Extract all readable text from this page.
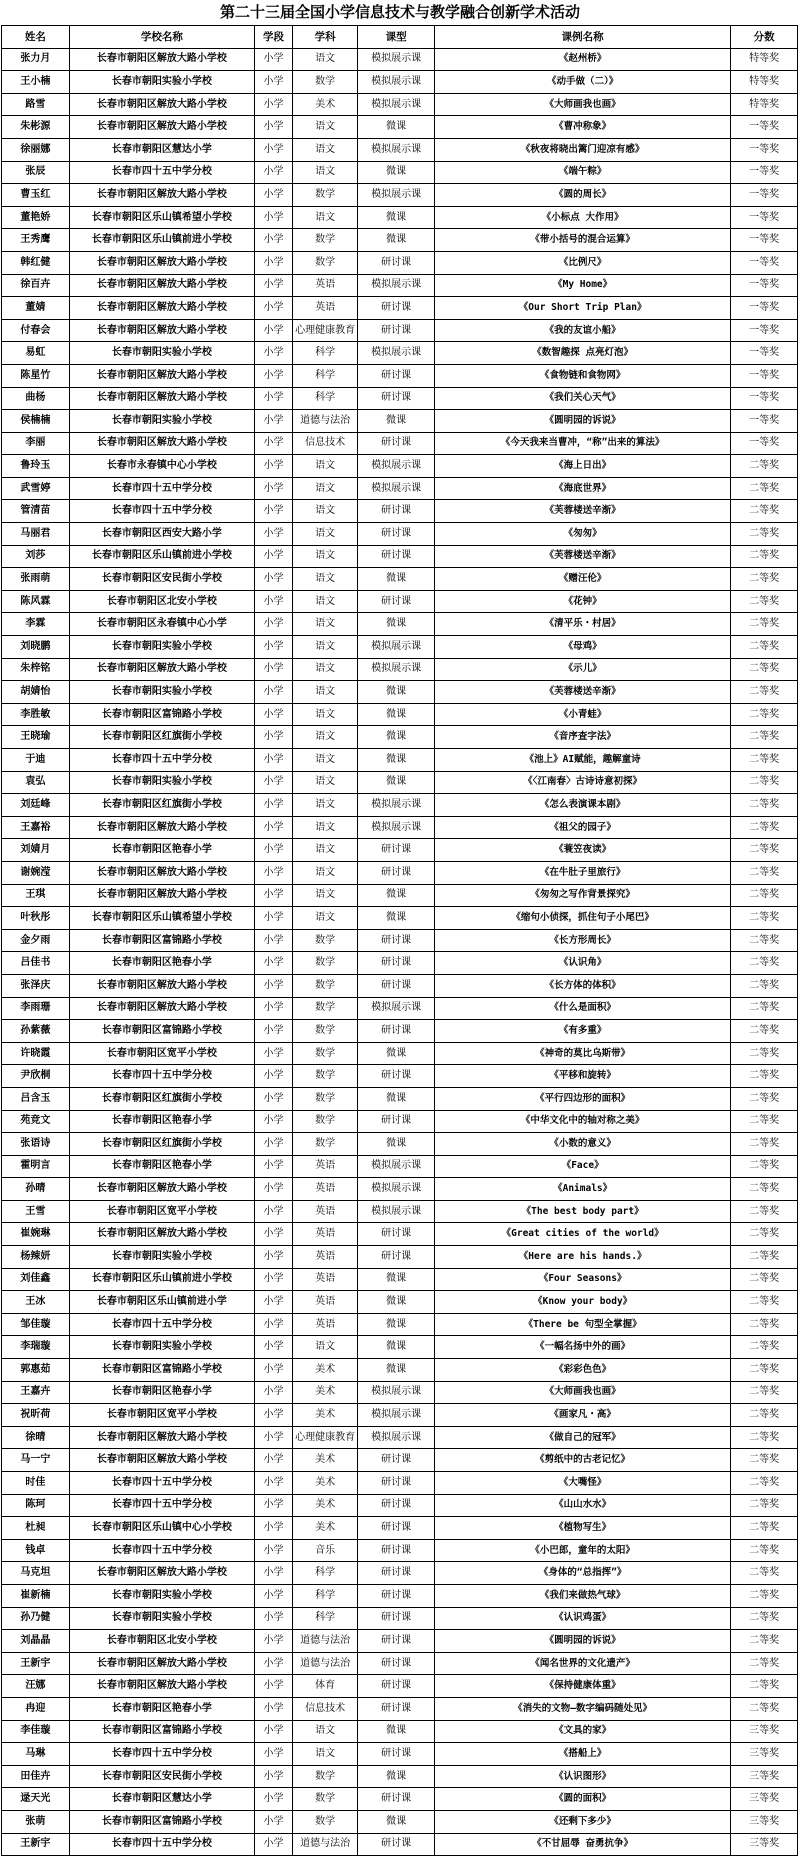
第二十三届全国小学信息技术与教学融合创新学术活动
姓名	学校名称	学段	学科	课型	课例名称	分数
张力月	长春市朝阳区解放大路小学校	小学	语文	模拟展示课	《赵州桥》	特等奖
王小楠	长春市朝阳实验小学校	小学	数学	模拟展示课	《动手做（二）》	特等奖
路雪	长春市朝阳区解放大路小学校	小学	美术	模拟展示课	《大师画我也画》	特等奖
朱彬源	长春市朝阳区解放大路小学校	小学	语文	微课	《曹冲称象》	一等奖
徐丽娜	长春市朝阳区慧达小学	小学	语文	模拟展示课	《秋夜将晓出篱门迎凉有感》	一等奖
张辰	长春市四十五中学分校	小学	语文	微课	《端午粽》	一等奖
曹玉红	长春市朝阳区解放大路小学校	小学	数学	模拟展示课	《圆的周长》	一等奖
董艳娇	长春市朝阳区乐山镇希望小学校	小学	语文	微课	《小标点 大作用》	一等奖
王秀鹰	长春市朝阳区乐山镇前进小学校	小学	数学	微课	《带小括号的混合运算》	一等奖
韩红健	长春市朝阳区解放大路小学校	小学	数学	研讨课	《比例尺》	一等奖
徐百卉	长春市朝阳区解放大路小学校	小学	英语	模拟展示课	《My Home》	一等奖
董婧	长春市朝阳区解放大路小学校	小学	英语	研讨课	《Our Short Trip Plan》	一等奖
付春会	长春市朝阳区解放大路小学校	小学	心理健康教育	研讨课	《我的友谊小船》	一等奖
易虹	长春市朝阳实验小学校	小学	科学	模拟展示课	《数智趣探 点亮灯泡》	一等奖
陈星竹	长春市朝阳区解放大路小学校	小学	科学	研讨课	《食物链和食物网》	一等奖
曲杨	长春市朝阳区解放大路小学校	小学	科学	研讨课	《我们关心天气》	一等奖
侯楠楠	长春市朝阳实验小学校	小学	道德与法治	微课	《圆明园的诉说》	一等奖
李丽	长春市朝阳区解放大路小学校	小学	信息技术	研讨课	《今天我来当曹冲，“称”出来的算法》	一等奖
鲁玲玉	长春市永春镇中心小学校	小学	语文	模拟展示课	《海上日出》	二等奖
武雪婷	长春市四十五中学分校	小学	语文	模拟展示课	《海底世界》	二等奖
管清苗	长春市四十五中学分校	小学	语文	研讨课	《芙蓉楼送辛渐》	二等奖
马丽君	长春市朝阳区西安大路小学	小学	语文	研讨课	《匆匆》	二等奖
刘莎	长春市朝阳区乐山镇前进小学校	小学	语文	研讨课	《芙蓉楼送辛渐》	二等奖
张雨萌	长春市朝阳区安民街小学校	小学	语文	微课	《赠汪伦》	二等奖
陈风霖	长春市朝阳区北安小学校	小学	语文	研讨课	《花钟》	二等奖
李霖	长春市朝阳区永春镇中心小学	小学	语文	微课	《清平乐・村居》	二等奖
刘晓鹏	长春市朝阳实验小学校	小学	语文	模拟展示课	《母鸡》	二等奖
朱梓铭	长春市朝阳区解放大路小学校	小学	语文	模拟展示课	《示儿》	二等奖
胡婧怡	长春市朝阳实验小学校	小学	语文	微课	《芙蓉楼送辛渐》	二等奖
李胜敏	长春市朝阳区富锦路小学校	小学	语文	微课	《小青蛙》	二等奖
王晓瑜	长春市朝阳区红旗街小学校	小学	语文	微课	《音序查字法》	二等奖
于迪	长春市四十五中学分校	小学	语文	微课	《池上》AI赋能，趣解童诗	二等奖
袁弘	长春市朝阳实验小学校	小学	语文	微课	《〈江南春〉古诗诗意初探》	二等奖
刘廷峰	长春市朝阳区红旗街小学校	小学	语文	模拟展示课	《怎么表演课本剧》	二等奖
王嘉裕	长春市朝阳区解放大路小学校	小学	语文	模拟展示课	《祖父的园子》	二等奖
刘婧月	长春市朝阳区艳春小学	小学	语文	研讨课	《蓑笠夜读》	二等奖
谢婉滢	长春市朝阳区解放大路小学校	小学	语文	研讨课	《在牛肚子里旅行》	二等奖
王琪	长春市朝阳区解放大路小学校	小学	语文	微课	《匆匆之写作背景探究》	二等奖
叶秋彤	长春市朝阳区乐山镇希望小学校	小学	语文	微课	《缩句小侦探，抓住句子小尾巴》	二等奖
金夕雨	长春市朝阳区富锦路小学校	小学	数学	研讨课	《长方形周长》	二等奖
吕佳书	长春市朝阳区艳春小学	小学	数学	研讨课	《认识角》	二等奖
张泽庆	长春市朝阳区解放大路小学校	小学	数学	研讨课	《长方体的体积》	二等奖
李雨珊	长春市朝阳区解放大路小学校	小学	数学	模拟展示课	《什么是面积》	二等奖
孙紫薇	长春市朝阳区富锦路小学校	小学	数学	研讨课	《有多重》	二等奖
许晓霞	长春市朝阳区宽平小学校	小学	数学	微课	《神奇的莫比乌斯带》	二等奖
尹欣桐	长春市四十五中学分校	小学	数学	研讨课	《平移和旋转》	二等奖
吕含玉	长春市朝阳区红旗街小学校	小学	数学	微课	《平行四边形的面积》	二等奖
苑竞文	长春市朝阳区艳春小学	小学	数学	研讨课	《中华文化中的轴对称之美》	二等奖
张语诗	长春市朝阳区红旗街小学校	小学	数学	微课	《小数的意义》	二等奖
霍明言	长春市朝阳区艳春小学	小学	英语	模拟展示课	《Face》	二等奖
孙晴	长春市朝阳区解放大路小学校	小学	英语	模拟展示课	《Animals》	二等奖
王雪	长春市朝阳区宽平小学校	小学	英语	模拟展示课	《The best body part》	二等奖
崔婉琳	长春市朝阳区解放大路小学校	小学	英语	研讨课	《Great cities of the world》	二等奖
杨辣妍	长春市朝阳实验小学校	小学	英语	研讨课	《Here are his hands.》	二等奖
刘佳鑫	长春市朝阳区乐山镇前进小学校	小学	英语	微课	《Four Seasons》	二等奖
王冰	长春市朝阳区乐山镇前进小学	小学	英语	微课	《Know your body》	二等奖
邹佳璇	长春市四十五中学分校	小学	英语	微课	《There be 句型全掌握》	二等奖
李瑞璇	长春市朝阳实验小学校	小学	语文	微课	《一幅名扬中外的画》	二等奖
郭惠茹	长春市朝阳区富锦路小学校	小学	美术	微课	《彩彩色色》	二等奖
王嘉卉	长春市朝阳区艳春小学	小学	美术	模拟展示课	《大师画我也画》	二等奖
祝昕荷	长春市朝阳区宽平小学校	小学	美术	模拟展示课	《画家凡・高》	二等奖
徐晴	长春市朝阳区解放大路小学校	小学	心理健康教育	模拟展示课	《做自己的冠军》	二等奖
马一宁	长春市朝阳区解放大路小学校	小学	美术	研讨课	《剪纸中的古老记忆》	二等奖
时佳	长春市四十五中学分校	小学	美术	研讨课	《大嘴怪》	二等奖
陈珂	长春市四十五中学分校	小学	美术	研讨课	《山山水水》	二等奖
杜昶	长春市朝阳区乐山镇中心小学校	小学	美术	研讨课	《植物写生》	二等奖
钱卓	长春市四十五中学分校	小学	音乐	研讨课	《小巴郎，童年的太阳》	二等奖
马克坦	长春市朝阳区解放大路小学校	小学	科学	研讨课	《身体的“总指挥”》	二等奖
崔新楠	长春市朝阳实验小学校	小学	科学	研讨课	《我们来做热气球》	二等奖
孙乃健	长春市朝阳实验小学校	小学	科学	研讨课	《认识鸡蛋》	二等奖
刘晶晶	长春市朝阳区北安小学校	小学	道德与法治	研讨课	《圆明园的诉说》	二等奖
王新宇	长春市朝阳区解放大路小学校	小学	道德与法治	研讨课	《闻名世界的文化遗产》	二等奖
汪娜	长春市朝阳区解放大路小学校	小学	体育	研讨课	《保持健康体重》	二等奖
冉迎	长春市朝阳区艳春小学	小学	信息技术	研讨课	《消失的文物—数字编码随处见》	二等奖
李佳璇	长春市朝阳区富锦路小学校	小学	语文	微课	《文具的家》	三等奖
马琳	长春市四十五中学分校	小学	语文	研讨课	《搭船上》	三等奖
田佳卉	长春市朝阳区安民街小学校	小学	数学	微课	《认识图形》	三等奖
逯天光	长春市朝阳区慧达小学	小学	数学	研讨课	《圆的面积》	三等奖
张萌	长春市朝阳区富锦路小学校	小学	数学	微课	《还剩下多少》	三等奖
王新宇	长春市四十五中学分校	小学	道德与法治	研讨课	《不甘屈辱 奋勇抗争》	三等奖
